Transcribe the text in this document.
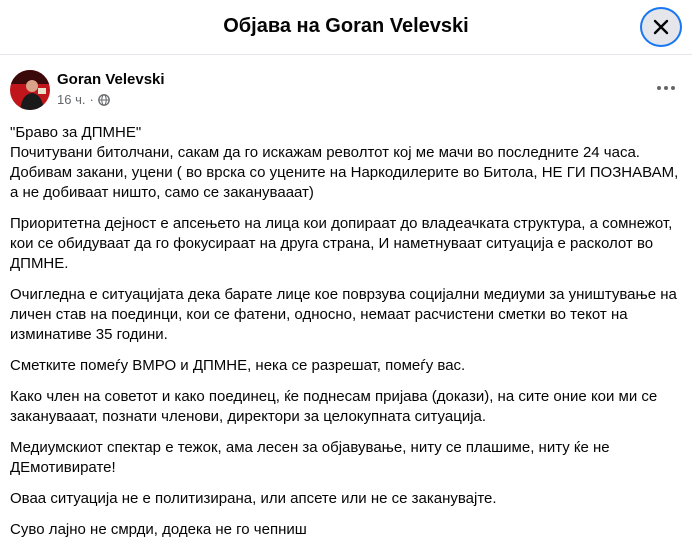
Објава на Goran Velevski
Goran Velevski
16 ч. ·

"Браво за ДПМНЕ"
Почитувани битолчани, сакам да го искажам револтот кој ме мачи во последните 24 часа. Добивам закани, уцени ( во врска со уцените на Наркодилерите во Битола, НЕ ГИ ПОЗНАВАМ, а не добиваат ништо, само се заканувааат)

Приоритетна дејност е апсењето на лица кои допираат до владеачката структура, а сомнежот, кои се обидуваат да го фокусираат на друга страна, И наметнуваат ситуација е расколот во ДПМНЕ.

Очигледна е ситуацијата дека барате лице кое поврзува социјални медиуми за уништување на личен став на поединци, кои се фатени, односно, немаат расчистени сметки во текот на изминативе 35 години.

Сметките помеѓу ВМРО и ДПМНЕ, нека се разрешат, помеѓу вас.

Како член на советот и како поединец, ќе поднесам пријава (докази), на сите оние кои ми се заканувааат, познати членови, директори за целокупната ситуација.

Медиумскиот спектар е тежок, ама лесен за објавување, ниту се плашиме, ниту ќе не ДЕмотивирате!

Оваа ситуација не е политизирана, или апсете или не се заканувајте.

Сувo лајно не смрди, додека не го чепниш
